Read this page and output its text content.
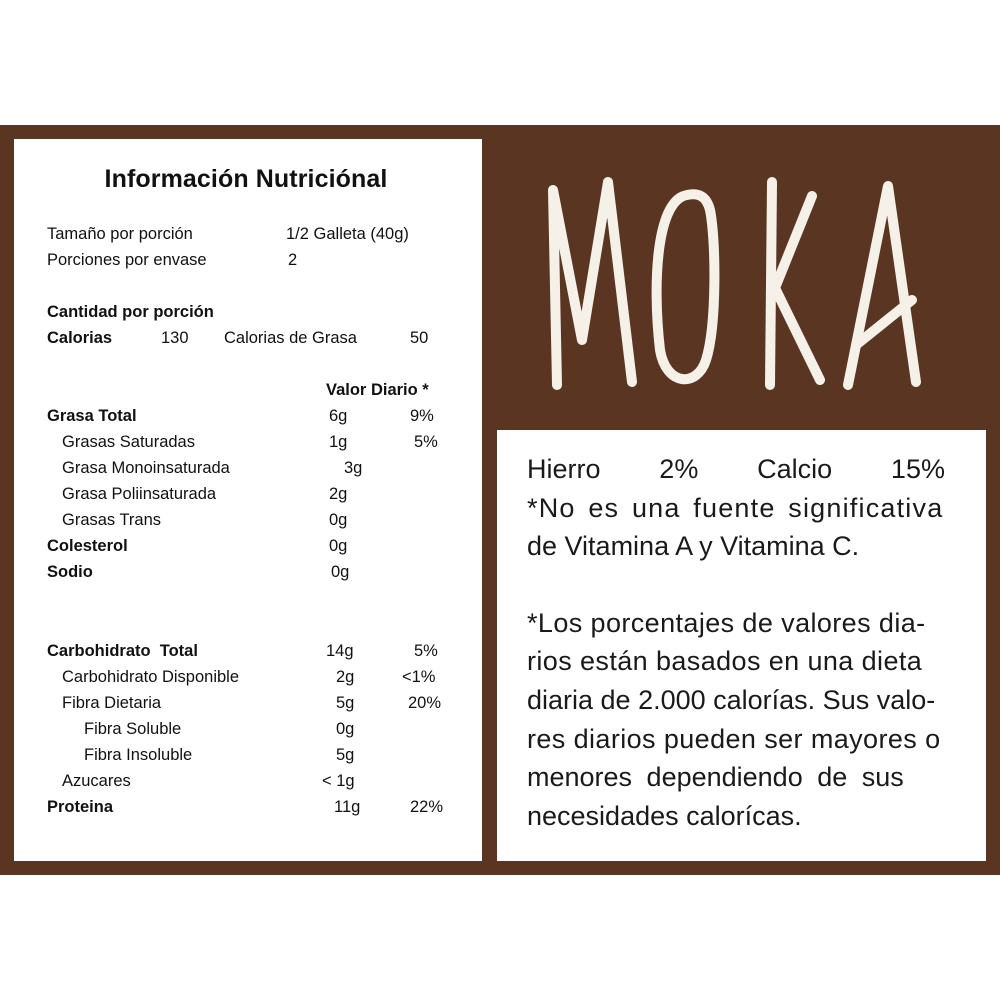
Información Nutriciónal
Tamaño por porción	1/2 Galleta (40g)
Porciones por envase	2
Cantidad por porción
Calorias	130 Calorias de Grasa	50
Valor Diario *
Grasa Total	6g	9%
Grasas Saturadas	1g	5%
Grasa Monoinsaturada	3g
Grasa Poliinsaturada	2g
Grasas Trans	0g
Colesterol	0g
Sodio	0g
Carbohidrato  Total	14g	5%
Carbohidrato Disponible	2g	<1%
Fibra Dietaria	5g	20%
Fibra Soluble	0g
Fibra Insoluble	5g
Azucares	< 1g
Proteina	11g	22%
Hierro 2% Calcio 15%
*No es una fuente significativa
de Vitamina A y Vitamina C.
*Los porcentajes de valores dia-
rios están basados en una dieta
diaria de 2.000 calorías. Sus valo-
res diarios pueden ser mayores o
menores dependiendo de sus
necesidades caloríсas.
